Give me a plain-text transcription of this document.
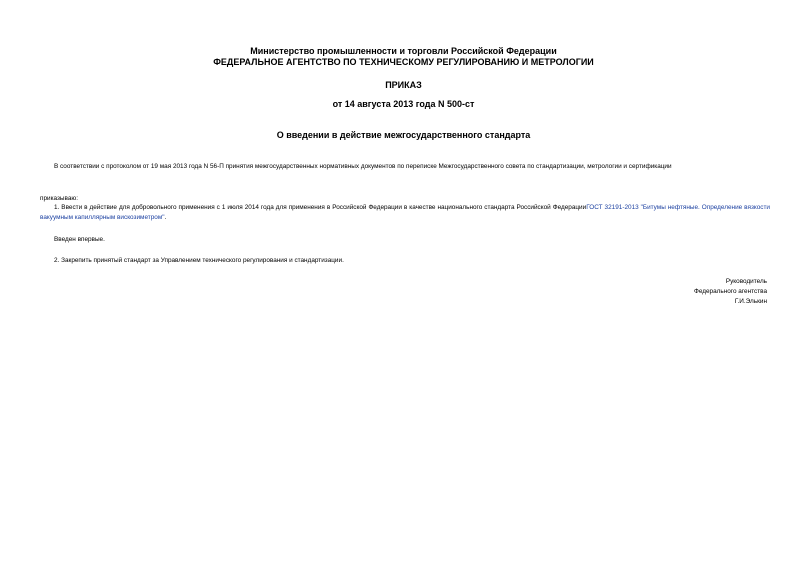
Министерство промышленности и торговли Российской Федерации
ФЕДЕРАЛЬНОЕ АГЕНТСТВО ПО ТЕХНИЧЕСКОМУ РЕГУЛИРОВАНИЮ И МЕТРОЛОГИИ
ПРИКАЗ
от 14 августа 2013 года N 500-ст
О введении в действие межгосударственного стандарта
В соответствии с протоколом от 19 мая 2013 года N 56-П принятия межгосударственных нормативных документов по переписке Межгосударственного совета по стандартизации, метрологии и сертификации
приказываю:
1. Ввести в действие для добровольного применения с 1 июля 2014 года для применения в Российской Федерации в качестве национального стандарта Российской ФедерацииГОСТ 32191-2013 "Битумы нефтяные. Определение вязкости вакуумным капиллярным вискозиметром".
Введен впервые.
2. Закрепить принятый стандарт за Управлением технического регулирования и стандартизации.
Руководитель
Федерального агентства
Г.И.Элькин
